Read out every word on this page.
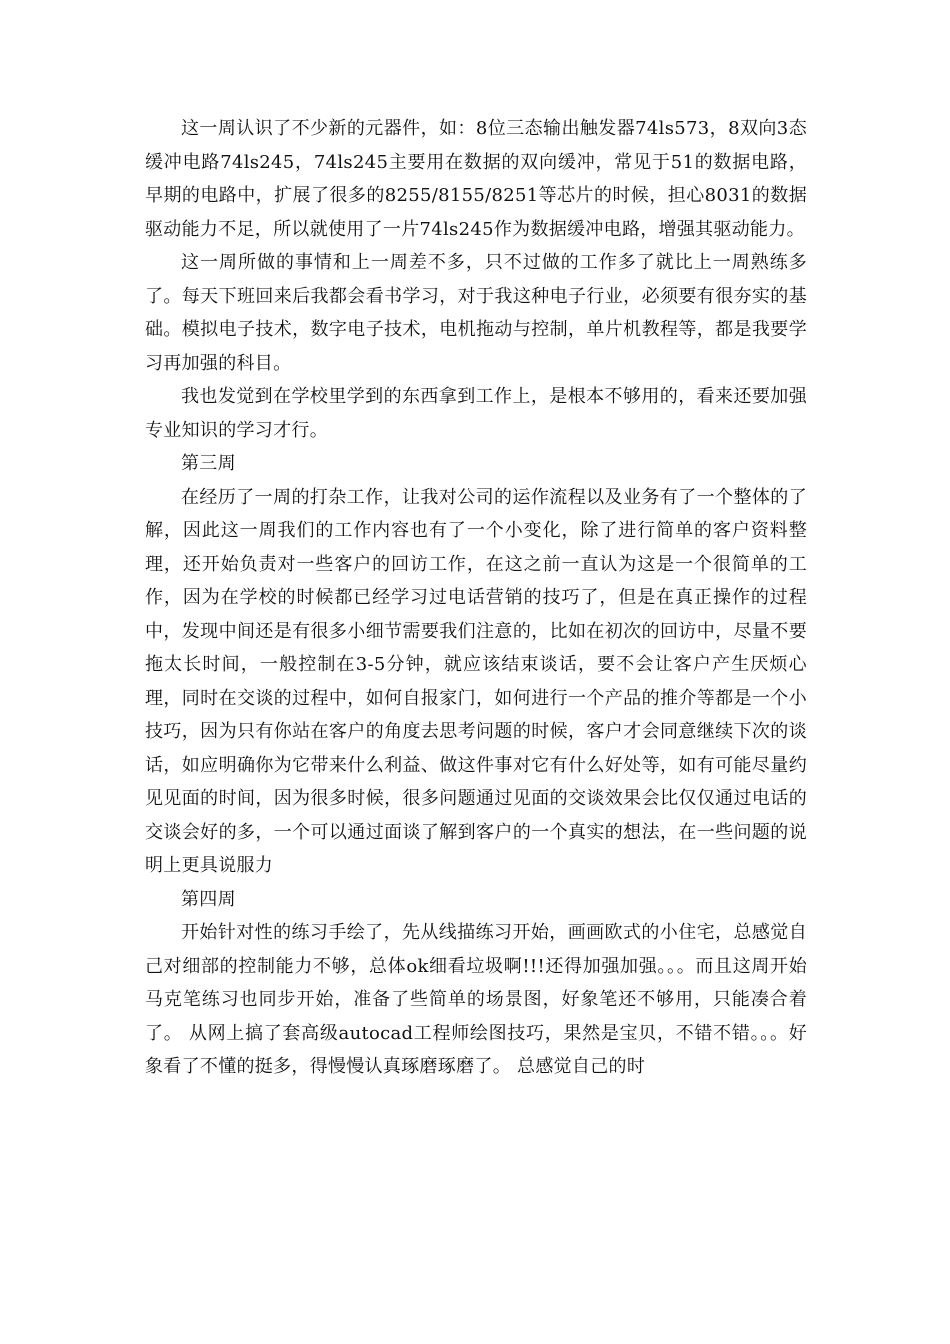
这一周认识了不少新的元器件，如：8位三态输出触发器74ls573，8双向3态缓冲电路74ls245，74ls245主要用在数据的双向缓冲，常见于51的数据电路，早期的电路中，扩展了很多的8255/8155/8251等芯片的时候，担心8031的数据驱动能力不足，所以就使用了一片74ls245作为数据缓冲电路，增强其驱动能力。

这一周所做的事情和上一周差不多，只不过做的工作多了就比上一周熟练多了。每天下班回来后我都会看书学习，对于我这种电子行业，必须要有很夯实的基础。模拟电子技术，数字电子技术，电机拖动与控制，单片机教程等，都是我要学习再加强的科目。

我也发觉到在学校里学到的东西拿到工作上，是根本不够用的，看来还要加强专业知识的学习才行。

第三周

在经历了一周的打杂工作，让我对公司的运作流程以及业务有了一个整体的了解，因此这一周我们的工作内容也有了一个小变化，除了进行简单的客户资料整理，还开始负责对一些客户的回访工作，在这之前一直认为这是一个很简单的工作，因为在学校的时候都已经学习过电话营销的技巧了，但是在真正操作的过程中，发现中间还是有很多小细节需要我们注意的，比如在初次的回访中，尽量不要拖太长时间，一般控制在3-5分钟，就应该结束谈话，要不会让客户产生厌烦心理，同时在交谈的过程中，如何自报家门，如何进行一个产品的推介等都是一个小技巧，因为只有你站在客户的角度去思考问题的时候，客户才会同意继续下次的谈话，如应明确你为它带来什么利益、做这件事对它有什么好处等，如有可能尽量约见见面的时间，因为很多时候，很多问题通过见面的交谈效果会比仅仅通过电话的交谈会好的多，一个可以通过面谈了解到客户的一个真实的想法，在一些问题的说明上更具说服力

第四周

开始针对性的练习手绘了，先从线描练习开始，画画欧式的小住宅，总感觉自己对细部的控制能力不够，总体ok细看垃圾啊!!!还得加强加强。。。而且这周开始马克笔练习也同步开始，准备了些简单的场景图，好象笔还不够用，只能凑合着了。 从网上搞了套高级autocad工程师绘图技巧，果然是宝贝，不错不错。。。好象看了不懂的挺多，得慢慢认真琢磨琢磨了。 总感觉自己的时
